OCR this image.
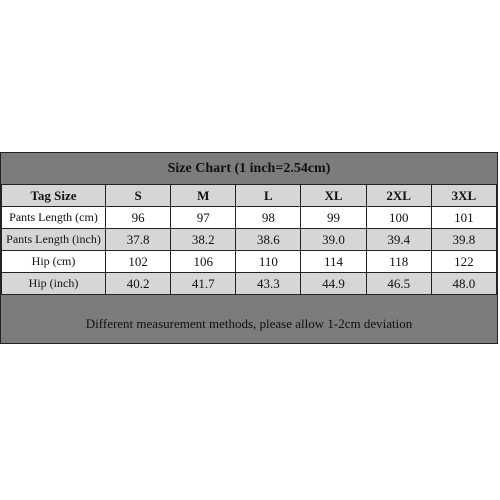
Size Chart (1 inch=2.54cm)
Tag Size	S	M	L	XL	2XL	3XL
Pants Length (cm)	96	97	98	99	100	101
Pants Length (inch)	37.8	38.2	38.6	39.0	39.4	39.8
Hip (cm)	102	106	110	114	118	122
Hip (inch)	40.2	41.7	43.3	44.9	46.5	48.0
Different measurement methods, please allow 1-2cm deviation
